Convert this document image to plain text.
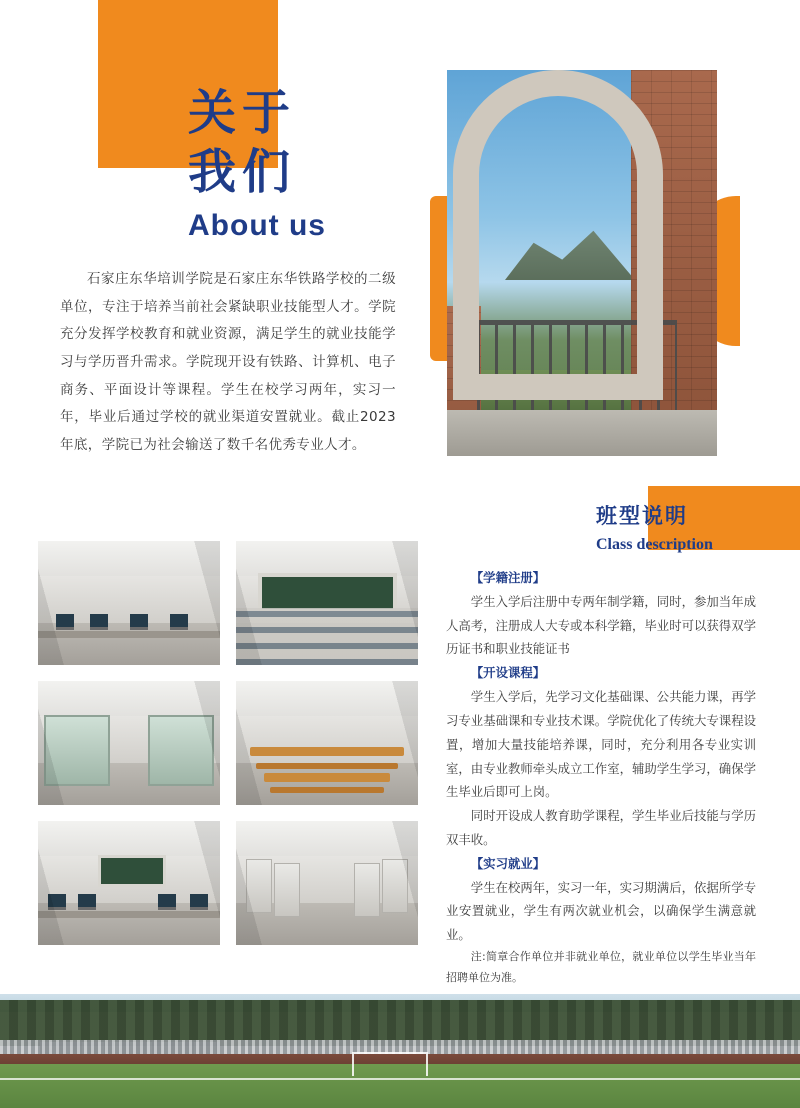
关于
我们

About us

石家庄东华培训学院是石家庄东华铁路学校的二级单位，专注于培养当前社会紧缺职业技能型人才。学院充分发挥学校教育和就业资源，满足学生的就业技能学习与学历晋升需求。学院现开设有铁路、计算机、电子商务、平面设计等课程。学生在校学习两年，实习一年，毕业后通过学校的就业渠道安置就业。截止2023年底，学院已为社会输送了数千名优秀专业人才。

班型说明

Class description

【学籍注册】

学生入学后注册中专两年制学籍，同时，参加当年成人高考，注册成人大专或本科学籍，毕业时可以获得双学历证书和职业技能证书

【开设课程】

学生入学后，先学习文化基础课、公共能力课，再学习专业基础课和专业技术课。学院优化了传统大专课程设置，增加大量技能培养课，同时，充分利用各专业实训室，由专业教师牵头成立工作室，辅助学生学习，确保学生毕业后即可上岗。

同时开设成人教育助学课程，学生毕业后技能与学历双丰收。

【实习就业】

学生在校两年，实习一年，实习期满后，依据所学专业安置就业，学生有两次就业机会，以确保学生满意就业。

注:简章合作单位并非就业单位，就业单位以学生毕业当年招聘单位为准。
